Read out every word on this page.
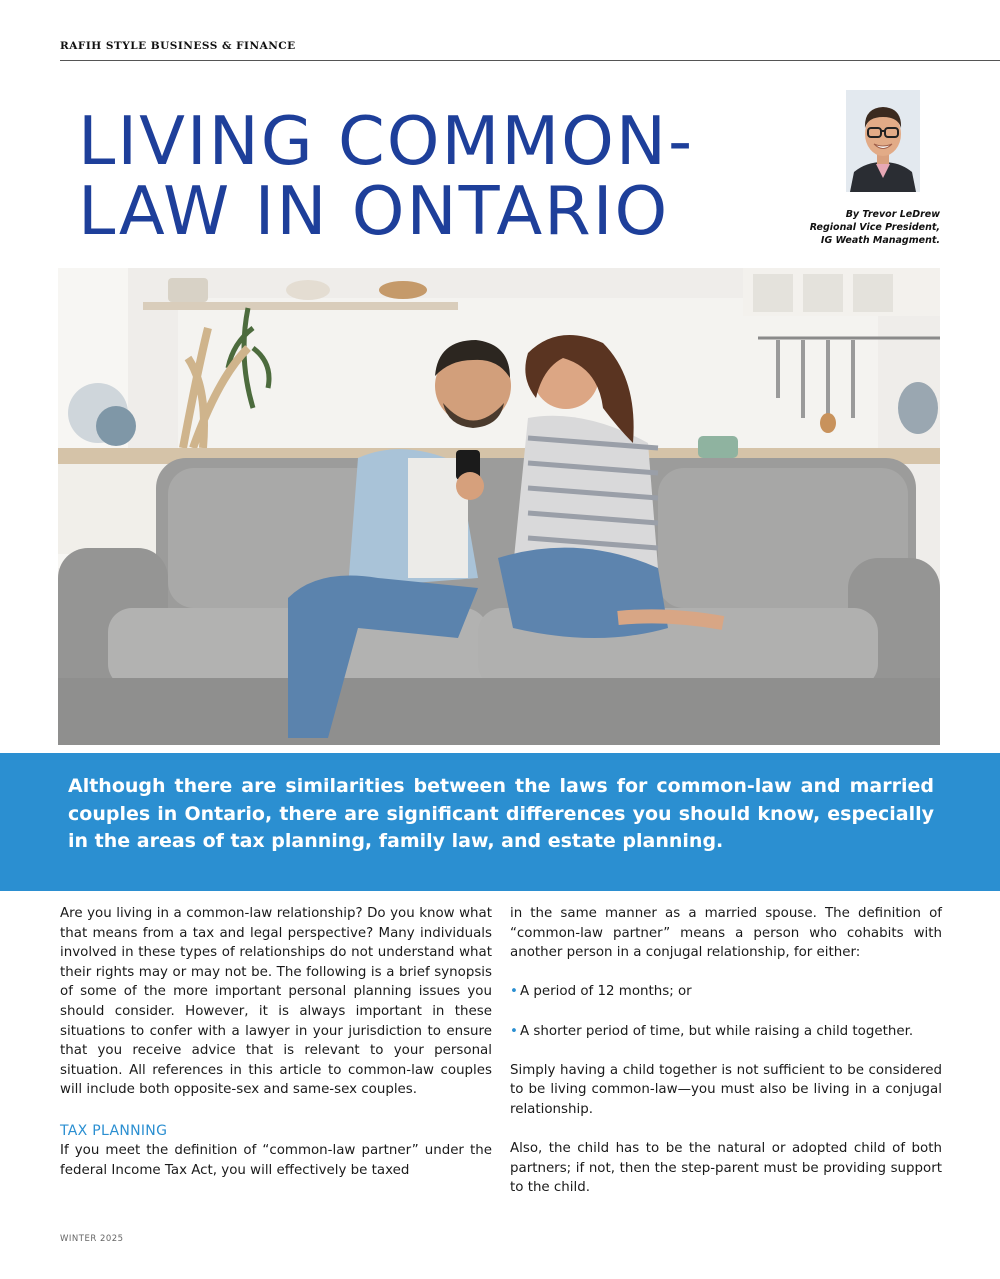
RAFIH STYLE BUSINESS & FINANCE
LIVING COMMON-
LAW IN ONTARIO	By Trevor LeDrew
Regional Vice President,
IG Weath Managment.

Although there are similarities between the laws for common-law and married couples in Ontario, there are significant differences you should know, especially in the areas of tax planning, family law, and estate planning.

Are you living in a common-law relationship? Do you know what that means from a tax and legal perspective? Many individuals involved in these types of relationships do not understand what their rights may or may not be. The following is a brief synopsis of some of the more important personal planning issues you should consider. However, it is always important in these situations to confer with a lawyer in your jurisdiction to ensure that you receive advice that is relevant to your personal situation. All references in this article to common-law couples will include both opposite-sex and same-sex couples.

TAX PLANNING

If you meet the definition of “common-law partner” under the federal Income Tax Act, you will effectively be taxed

in the same manner as a married spouse. The definition of “common-law partner” means a person who cohabits with another person in a conjugal relationship, for either:

• A period of 12 months; or
• A shorter period of time, but while raising a child together.

Simply having a child together is not sufficient to be considered to be living common-law—you must also be living in a conjugal relationship.

Also, the child has to be the natural or adopted child of both partners; if not, then the step-parent must be providing support to the child.

WINTER 2025
